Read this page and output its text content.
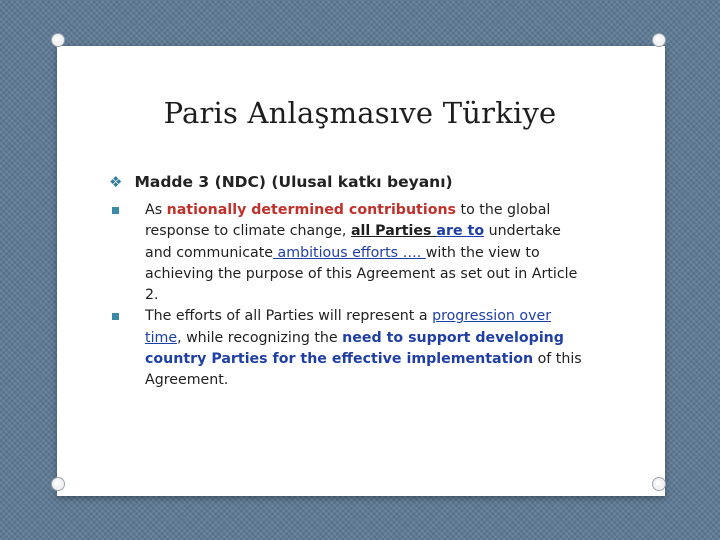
Paris Anlaşmasıve Türkiye
❖ Madde 3 (NDC) (Ulusal katkı beyanı)
As nationally determined contributions to the global response to climate change, all Parties are to undertake and communicate ambitious efforts …. with the view to achieving the purpose of this Agreement as set out in Article 2.
The efforts of all Parties will represent a progression over time, while recognizing the need to support developing country Parties for the effective implementation of this Agreement.
